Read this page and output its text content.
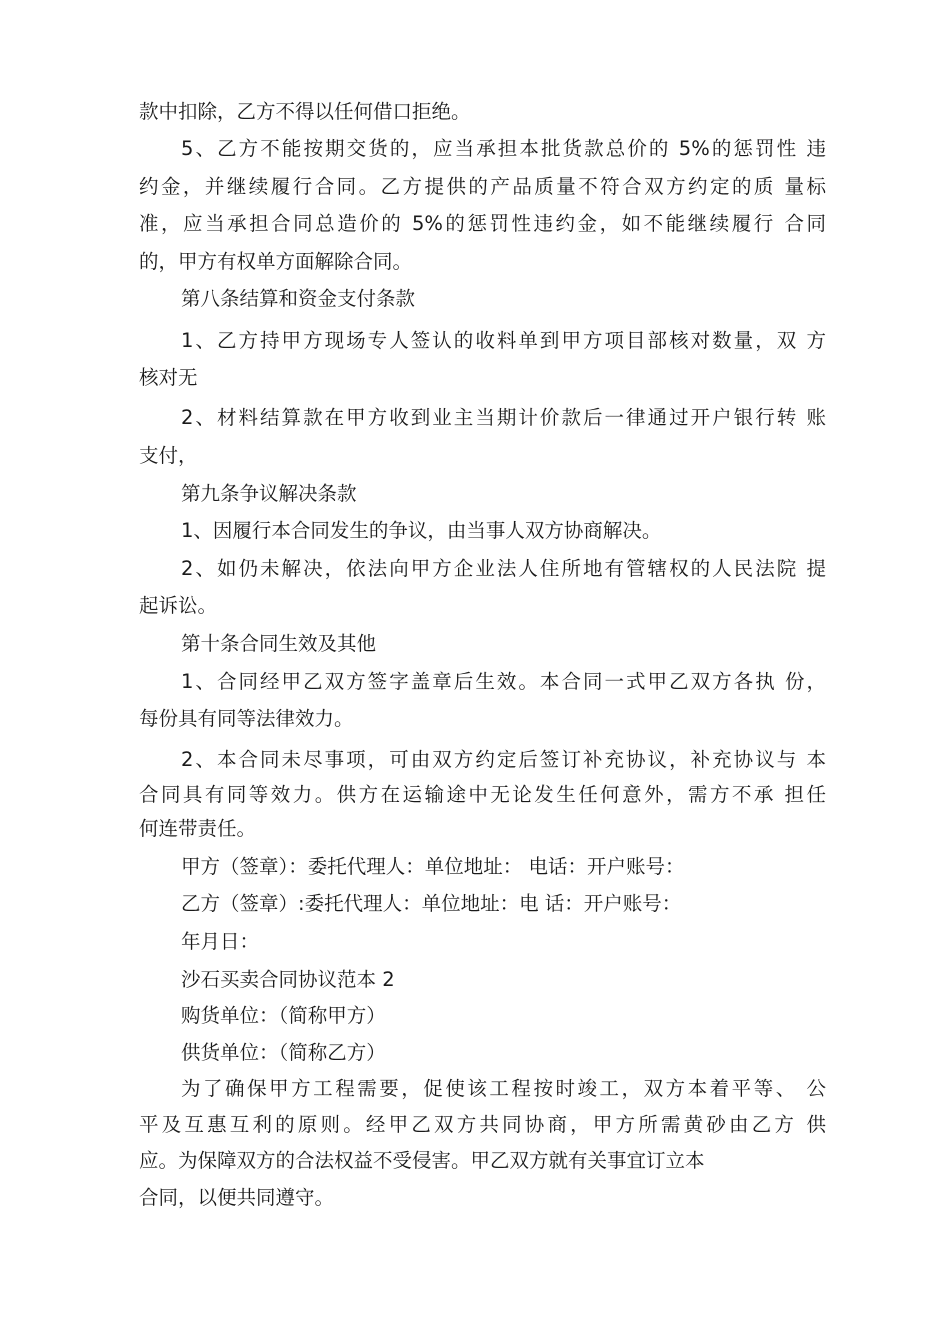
款中扣除，乙方不得以任何借口拒绝。

5、乙方不能按期交货的，应当承担本批货款总价的 5%的惩罚性 违

约金，并继续履行合同。乙方提供的产品质量不符合双方约定的质 量标

准，应当承担合同总造价的 5%的惩罚性违约金，如不能继续履行 合同

的，甲方有权单方面解除合同。

第八条结算和资金支付条款

1、乙方持甲方现场专人签认的收料单到甲方项目部核对数量，双 方

核对无

2、材料结算款在甲方收到业主当期计价款后一律通过开户银行转 账

支付，

第九条争议解决条款

1、因履行本合同发生的争议，由当事人双方协商解决。

2、如仍未解决，依法向甲方企业法人住所地有管辖权的人民法院 提

起诉讼。

第十条合同生效及其他

1、合同经甲乙双方签字盖章后生效。本合同一式甲乙双方各执 份，

每份具有同等法律效力。

2、本合同未尽事项，可由双方约定后签订补充协议，补充协议与 本

合同具有同等效力。供方在运输途中无论发生任何意外，需方不承 担任

何连带责任。

甲方（签章）：委托代理人：单位地址： 电话：开户账号：

乙方（签章）:委托代理人：单位地址：电 话：开户账号：

年月日：

沙石买卖合同协议范本 2

购货单位：（简称甲方）

供货单位：（简称乙方）

为了确保甲方工程需要，促使该工程按时竣工，双方本着平等、 公

平及互惠互利的原则。经甲乙双方共同协商，甲方所需黄砂由乙方 供

应。为保障双方的合法权益不受侵害。甲乙双方就有关事宜订立本

合同，以便共同遵守。
